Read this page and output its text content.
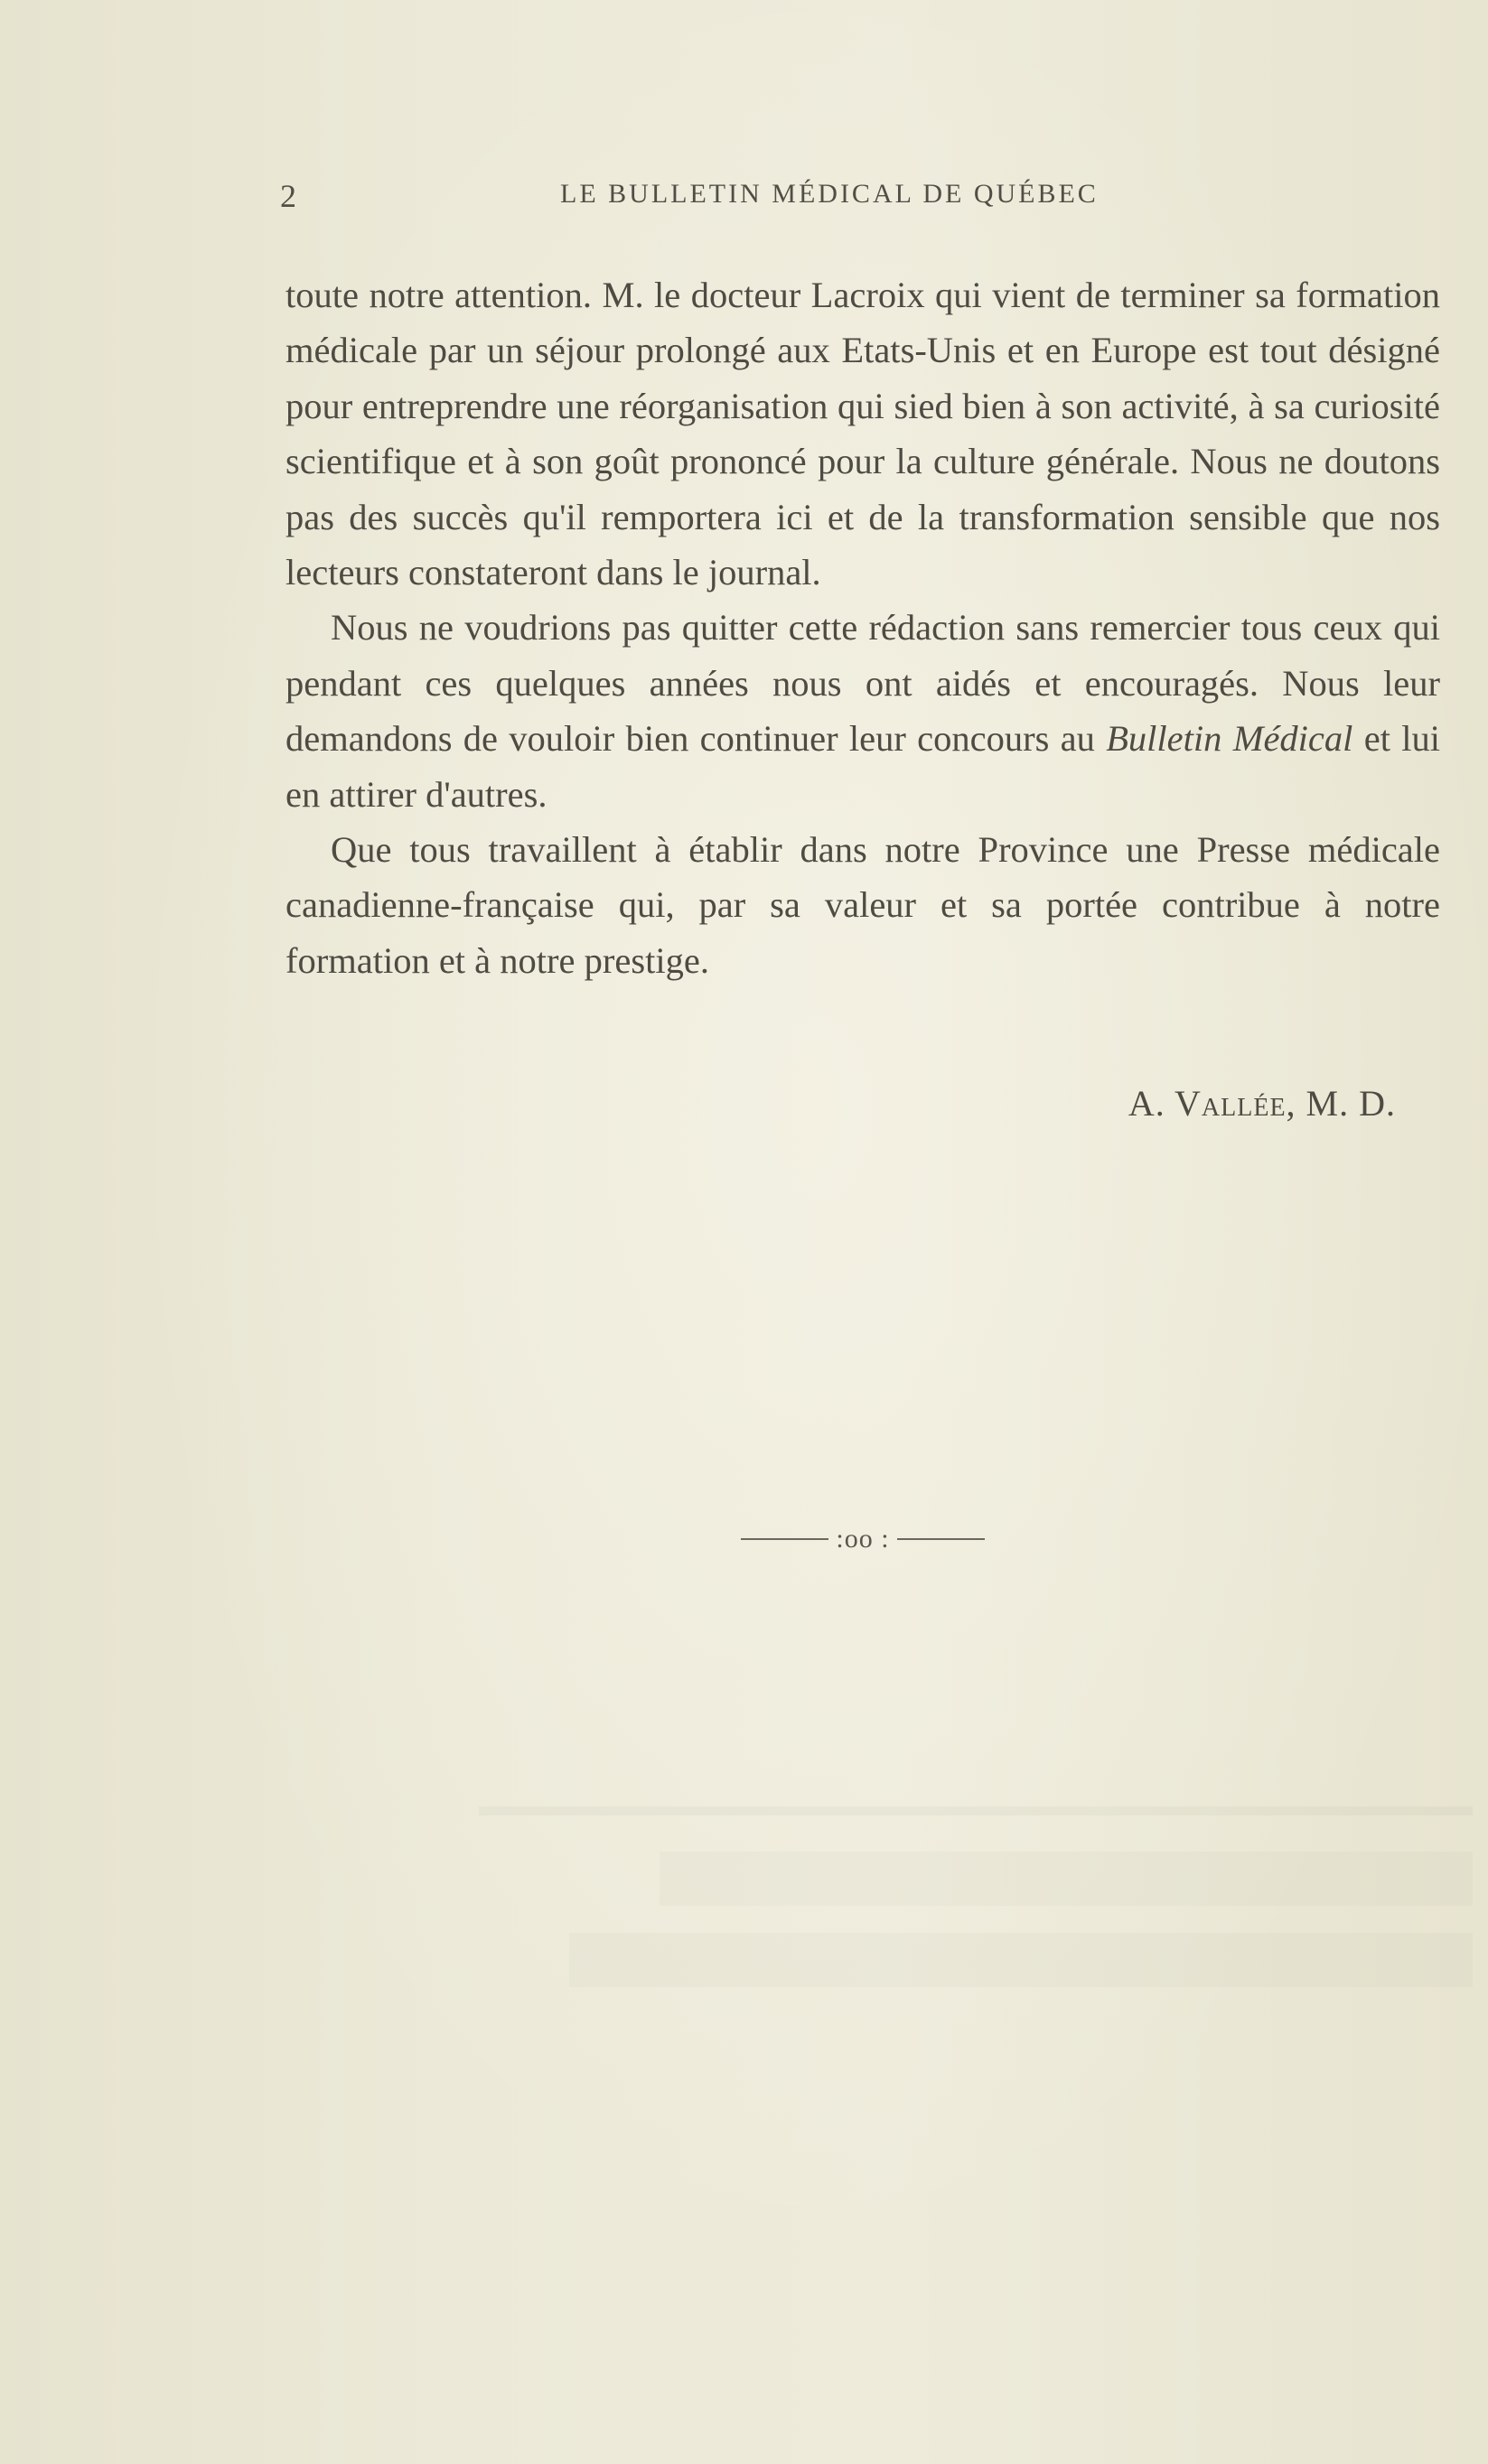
2	LE BULLETIN MÉDICAL DE QUÉBEC

toute notre attention. M. le docteur Lacroix qui vient de terminer sa formation médicale par un séjour prolongé aux Etats-Unis et en Europe est tout désigné pour entreprendre une réorganisation qui sied bien à son activité, à sa curiosité scientifique et à son goût prononcé pour la culture générale. Nous ne doutons pas des succès qu'il remportera ici et de la transformation sensible que nos lecteurs constateront dans le journal.

Nous ne voudrions pas quitter cette rédaction sans remercier tous ceux qui pendant ces quelques années nous ont aidés et encouragés. Nous leur demandons de vouloir bien continuer leur concours au Bulletin Médical et lui en attirer d'autres.

Que tous travaillent à établir dans notre Province une Presse médicale canadienne-française qui, par sa valeur et sa portée contribue à notre formation et à notre prestige.

A. Vallée, M. D.
:oo :
